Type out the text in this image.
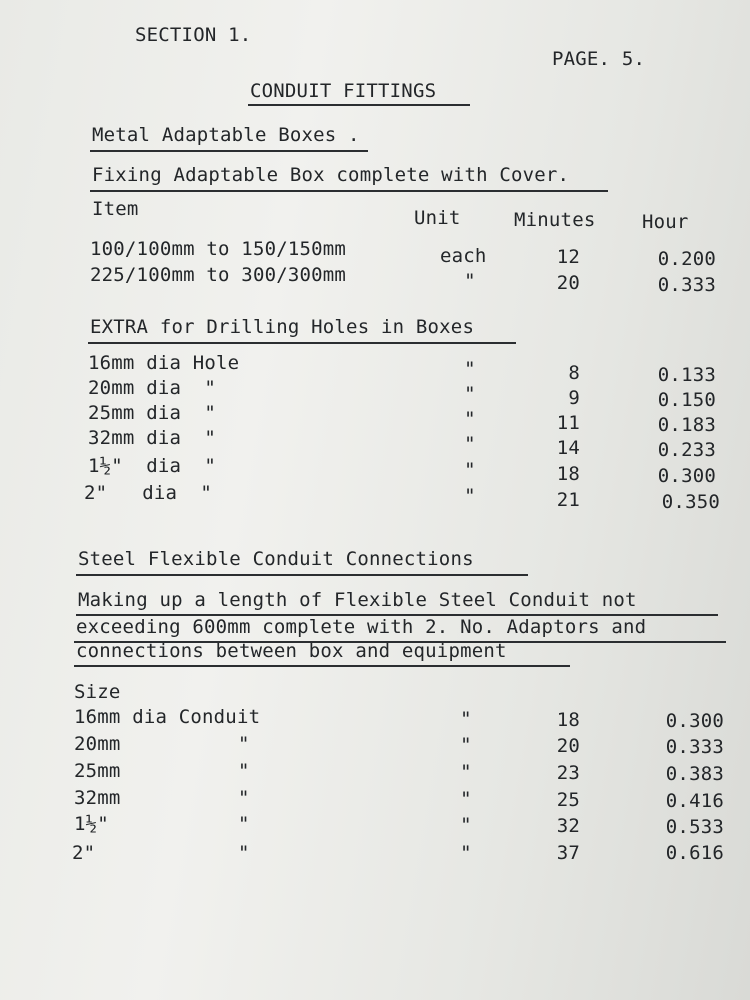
SECTION 1.
PAGE. 5.
CONDUIT FITTINGS
Metal Adaptable Boxes .
Fixing Adaptable Box complete with Cover.
Item	Unit	Minutes Hour
100/100mm to 150/150mm	each	12	0.200
225/100mm to 300/300mm	"	20	0.333
EXTRA for Drilling Holes in Boxes
16mm dia Hole	"	8	0.133
20mm dia  "	"	9	0.150
25mm dia  "	"	11	0.183
32mm dia  "	"	14	0.233
1½"  dia  "	"	18	0.300
2"   dia  "	"	21	0.350
Steel Flexible Conduit Connections
Making up a length of Flexible Steel Conduit not
exceeding 600mm complete with 2. No. Adaptors and
connections between box and equipment
Size
16mm dia Conduit	"	18	0.300
20mm	"	"	20	0.333
25mm	"	"	23	0.383
32mm	"	"	25	0.416
1½"	"	"	32	0.533
2"	"	"	37	0.616
